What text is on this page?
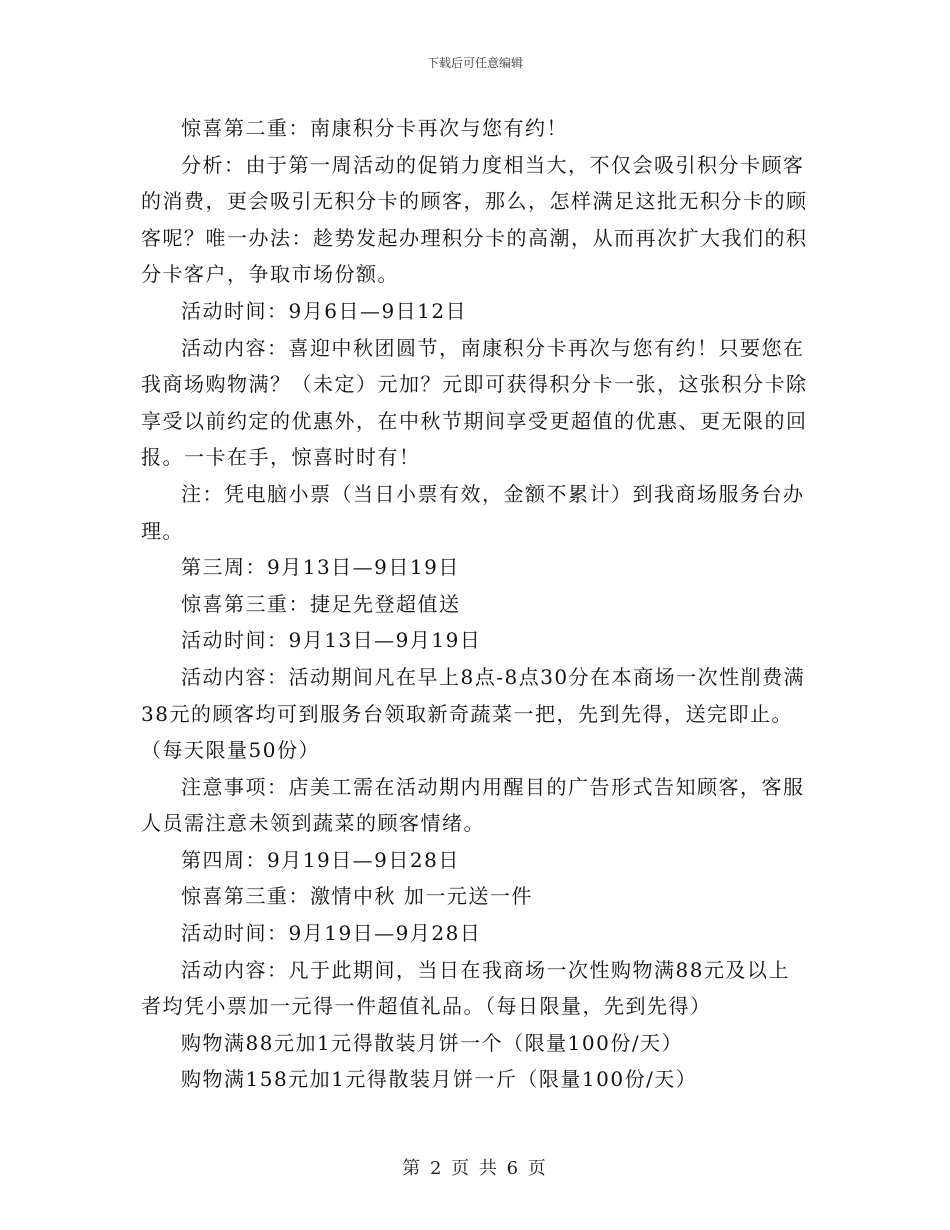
下载后可任意编辑

惊喜第二重：南康积分卡再次与您有约！

分析：由于第一周活动的促销力度相当大，不仅会吸引积分卡顾客的消费，更会吸引无积分卡的顾客，那么，怎样满足这批无积分卡的顾客呢？唯一办法：趁势发起办理积分卡的高潮，从而再次扩大我们的积分卡客户，争取市场份额。

活动时间：9月6日—9日12日

活动内容：喜迎中秋团圆节，南康积分卡再次与您有约！只要您在我商场购物满？（未定）元加？元即可获得积分卡一张，这张积分卡除享受以前约定的优惠外，在中秋节期间享受更超值的优惠、更无限的回报。一卡在手，惊喜时时有！

注：凭电脑小票（当日小票有效，金额不累计）到我商场服务台办理。

第三周：9月13日—9日19日

惊喜第三重：捷足先登超值送

活动时间：9月13日—9月19日

活动内容：活动期间凡在早上8点-8点30分在本商场一次性削费满38元的顾客均可到服务台领取新奇蔬菜一把，先到先得，送完即止。

（每天限量50份）

注意事项：店美工需在活动期内用醒目的广告形式告知顾客，客服人员需注意未领到蔬菜的顾客情绪。

第四周：9月19日—9日28日

惊喜第三重：激情中秋 加一元送一件

活动时间：9月19日—9月28日

活动内容：凡于此期间，当日在我商场一次性购物满88元及以上者均凭小票加一元得一件超值礼品。（每日限量，先到先得）

购物满88元加1元得散装月饼一个（限量100份/天）

购物满158元加1元得散装月饼一斤（限量100份/天）

第 2 页 共 6 页
